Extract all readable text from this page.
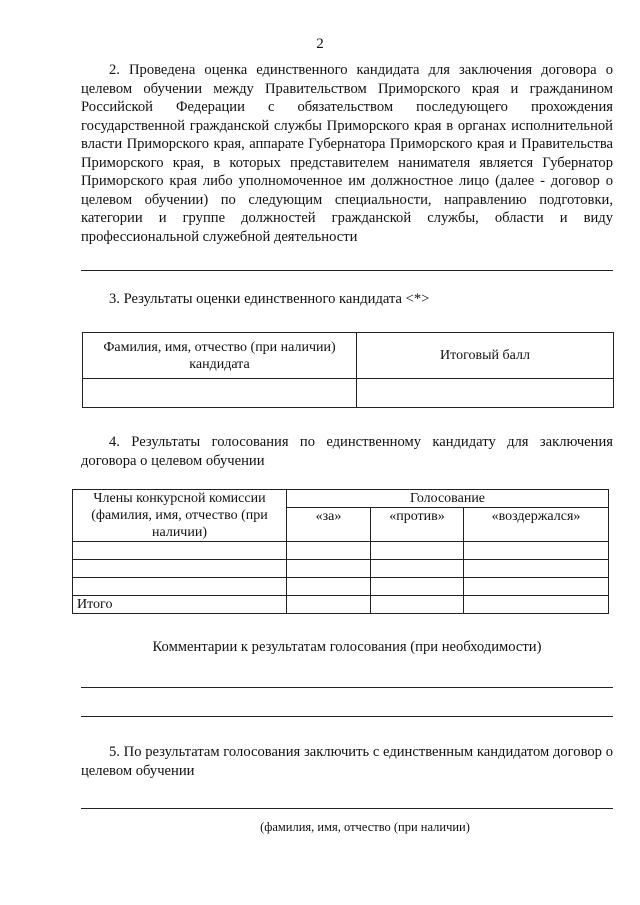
2
2. Проведена оценка единственного кандидата для заключения договора о целевом обучении между Правительством Приморского края и гражданином Российской Федерации с обязательством последующего прохождения государственной гражданской службы Приморского края в органах исполнительной власти Приморского края, аппарате Губернатора Приморского края и Правительства Приморского края, в которых представителем нанимателя является Губернатор Приморского края либо уполномоченное им должностное лицо (далее - договор о целевом обучении) по следующим специальности, направлению подготовки, категории и группе должностей гражданской службы, области и виду профессиональной служебной деятельности
3. Результаты оценки единственного кандидата <*>
Фамилия, имя, отчество (при наличии) кандидата	Итоговый балл

4. Результаты голосования по единственному кандидату для заключения договора о целевом обучении
Члены конкурсной комиссии (фамилия, имя, отчество (при наличии)	Голосование		
	«за»	«против»	«воздержался»

Итого			
Комментарии к результатам голосования (при необходимости)
5. По результатам голосования заключить с единственным кандидатом договор о целевом обучении
(фамилия, имя, отчество (при наличии)
